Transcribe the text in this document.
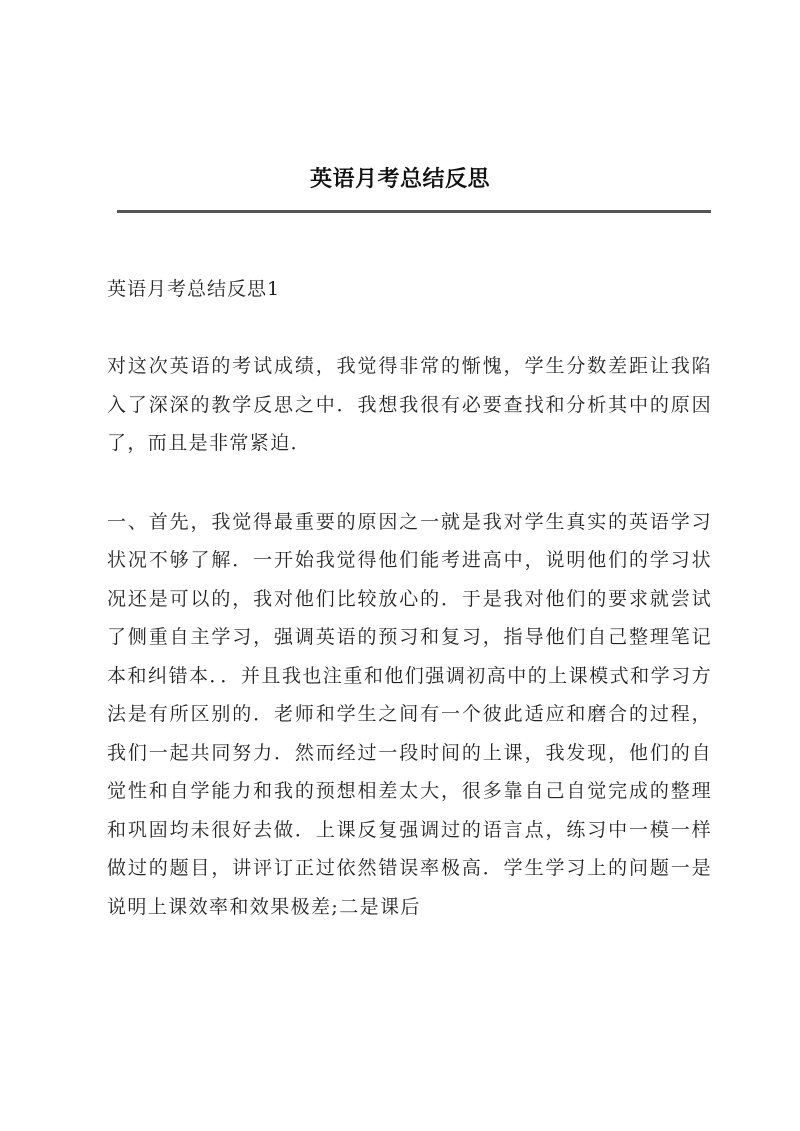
英语月考总结反思

英语月考总结反思1

对这次英语的考试成绩，我觉得非常的惭愧，学生分数差距让我陷入了深深的教学反思之中．我想我很有必要查找和分析其中的原因了，而且是非常紧迫．

一、首先，我觉得最重要的原因之一就是我对学生真实的英语学习状况不够了解．一开始我觉得他们能考进高中，说明他们的学习状况还是可以的，我对他们比较放心的．于是我对他们的要求就尝试了侧重自主学习，强调英语的预习和复习，指导他们自己整理笔记本和纠错本．．并且我也注重和他们强调初高中的上课模式和学习方法是有所区别的．老师和学生之间有一个彼此适应和磨合的过程，我们一起共同努力．然而经过一段时间的上课，我发现，他们的自觉性和自学能力和我的预想相差太大，很多靠自己自觉完成的整理和巩固均未很好去做．上课反复强调过的语言点，练习中一模一样做过的题目，讲评订正过依然错误率极高．学生学习上的问题一是说明上课效率和效果极差;二是课后
